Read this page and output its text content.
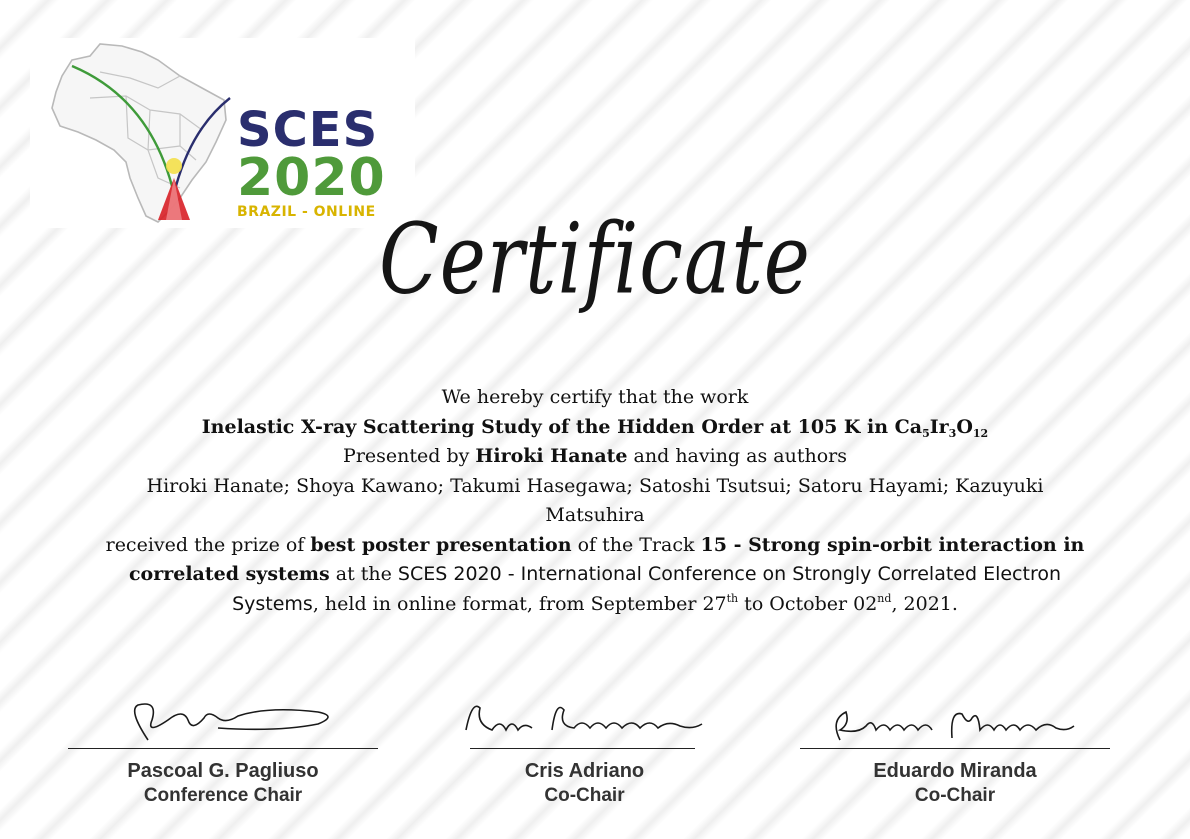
SCES
2020
BRAZIL - ONLINE Certificate

We hereby certify that the work

Inelastic X-ray Scattering Study of the Hidden Order at 105 K in $Ca_5Ir_3O_{12}$

Presented by Hiroki Hanate and having as authors

Hiroki Hanate; Shoya Kawano; Takumi Hasegawa; Satoshi Tsutsui; Satoru Hayami; Kazuyuki Matsuhira

received the prize of best poster presentation of the Track 15 - Strong spin-orbit interaction in correlated systems at the SCES 2020 - International Conference on Strongly Correlated Electron Systems, held in online format, from September 27th to October 02nd, 2021.

Pascoal G. Pagliuso
Conference Chair
Cris Adriano
Co-Chair
Eduardo Miranda
Co-Chair
